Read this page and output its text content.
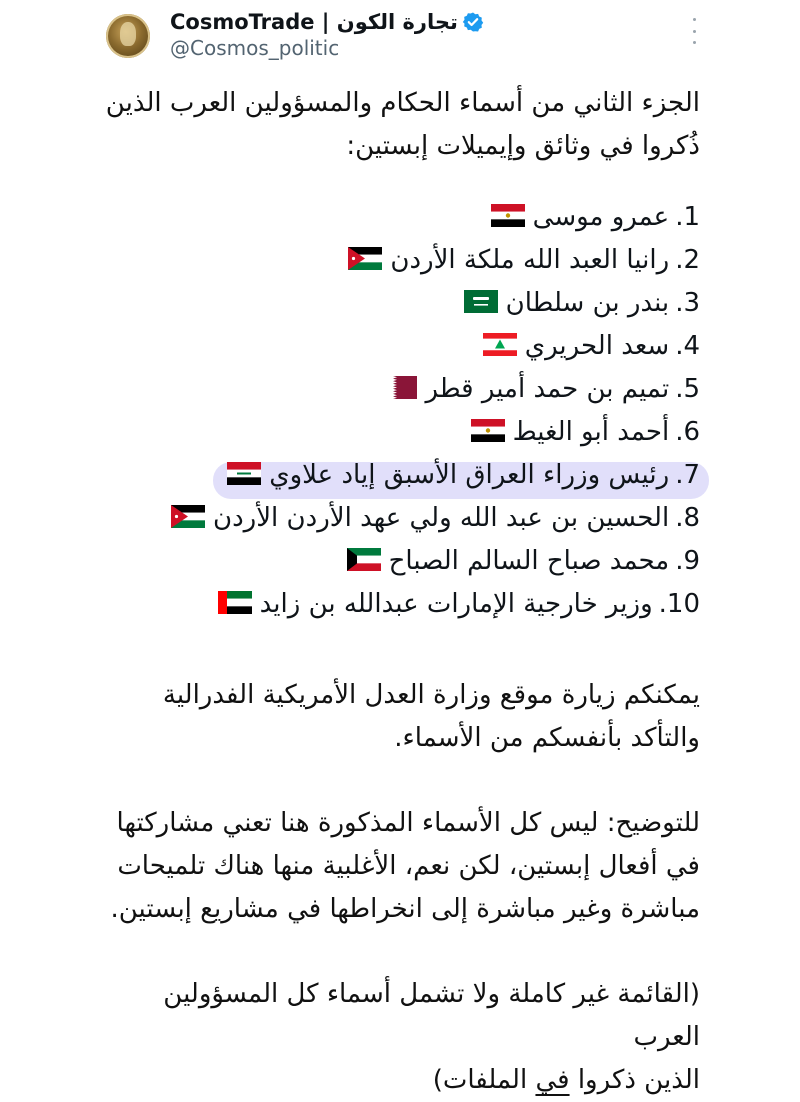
CosmoTrade | تجارة الكون
@Cosmos_politic
الجزء الثاني من أسماء الحكام والمسؤولين العرب الذين
ذُكروا في وثائق وإيميلات إبستين:
1.عمرو موسى
2.رانيا العبد الله ملكة الأردن
3.بندر بن سلطان
4.سعد الحريري
5.تميم بن حمد أمير قطر
6.أحمد أبو الغيط
7.رئيس وزراء العراق الأسبق إياد علاوي
8.الحسين بن عبد الله ولي عهد الأردن الأردن
9.محمد صباح السالم الصباح
10.وزير خارجية الإمارات عبدالله بن زايد
يمكنكم زيارة موقع وزارة العدل الأمريكية الفدرالية
والتأكد بأنفسكم من الأسماء.
للتوضيح: ليس كل الأسماء المذكورة هنا تعني مشاركتها
في أفعال إبستين، لكن نعم، الأغلبية منها هناك تلميحات
مباشرة وغير مباشرة إلى انخراطها في مشاريع إبستين.
(القائمة غير كاملة ولا تشمل أسماء كل المسؤولين العرب
الذين ذكروا في الملفات)
